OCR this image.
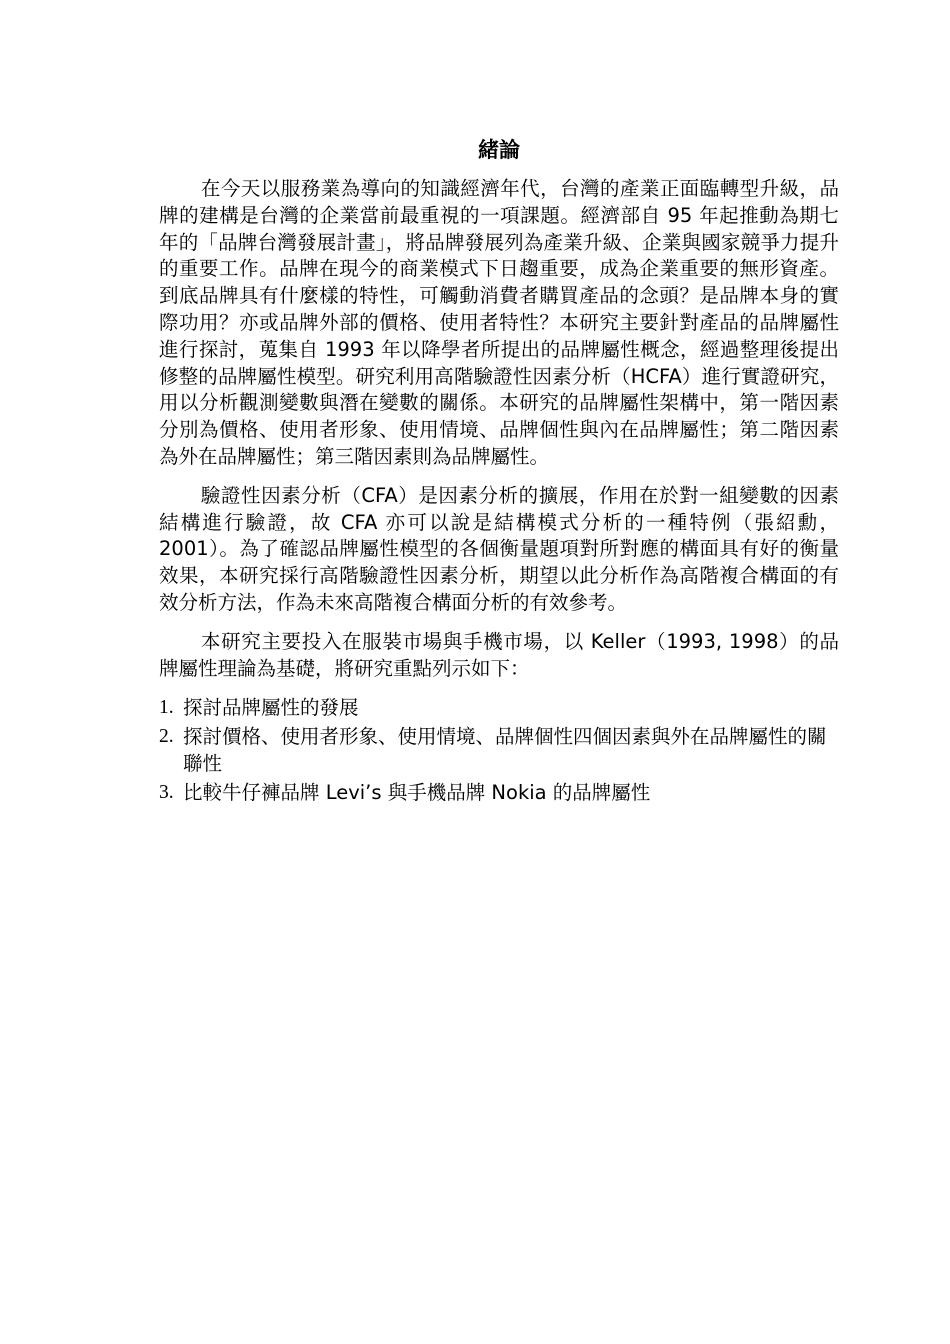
緒論

在今天以服務業為導向的知識經濟年代，台灣的產業正面臨轉型升級，品牌的建構是台灣的企業當前最重視的一項課題。經濟部自 95 年起推動為期七年的「品牌台灣發展計畫」，將品牌發展列為產業升級、企業與國家競爭力提升的重要工作。品牌在現今的商業模式下日趨重要，成為企業重要的無形資產。到底品牌具有什麼樣的特性，可觸動消費者購買產品的念頭？是品牌本身的實際功用？亦或品牌外部的價格、使用者特性？本研究主要針對產品的品牌屬性進行探討，蒐集自 1993 年以降學者所提出的品牌屬性概念，經過整理後提出修整的品牌屬性模型。研究利用高階驗證性因素分析（HCFA）進行實證研究，用以分析觀測變數與潛在變數的關係。本研究的品牌屬性架構中，第一階因素分別為價格、使用者形象、使用情境、品牌個性與內在品牌屬性；第二階因素為外在品牌屬性；第三階因素則為品牌屬性。

驗證性因素分析（CFA）是因素分析的擴展，作用在於對一組變數的因素結構進行驗證，故 CFA 亦可以說是結構模式分析的一種特例（張紹勳，2001）。為了確認品牌屬性模型的各個衡量題項對所對應的構面具有好的衡量效果，本研究採行高階驗證性因素分析，期望以此分析作為高階複合構面的有效分析方法，作為未來高階複合構面分析的有效參考。

本研究主要投入在服裝市場與手機市場，以 Keller（1993, 1998）的品牌屬性理論為基礎，將研究重點列示如下：

1. 探討品牌屬性的發展
2. 探討價格、使用者形象、使用情境、品牌個性四個因素與外在品牌屬性的關聯性
3. 比較牛仔褲品牌 Levi’s 與手機品牌 Nokia 的品牌屬性
